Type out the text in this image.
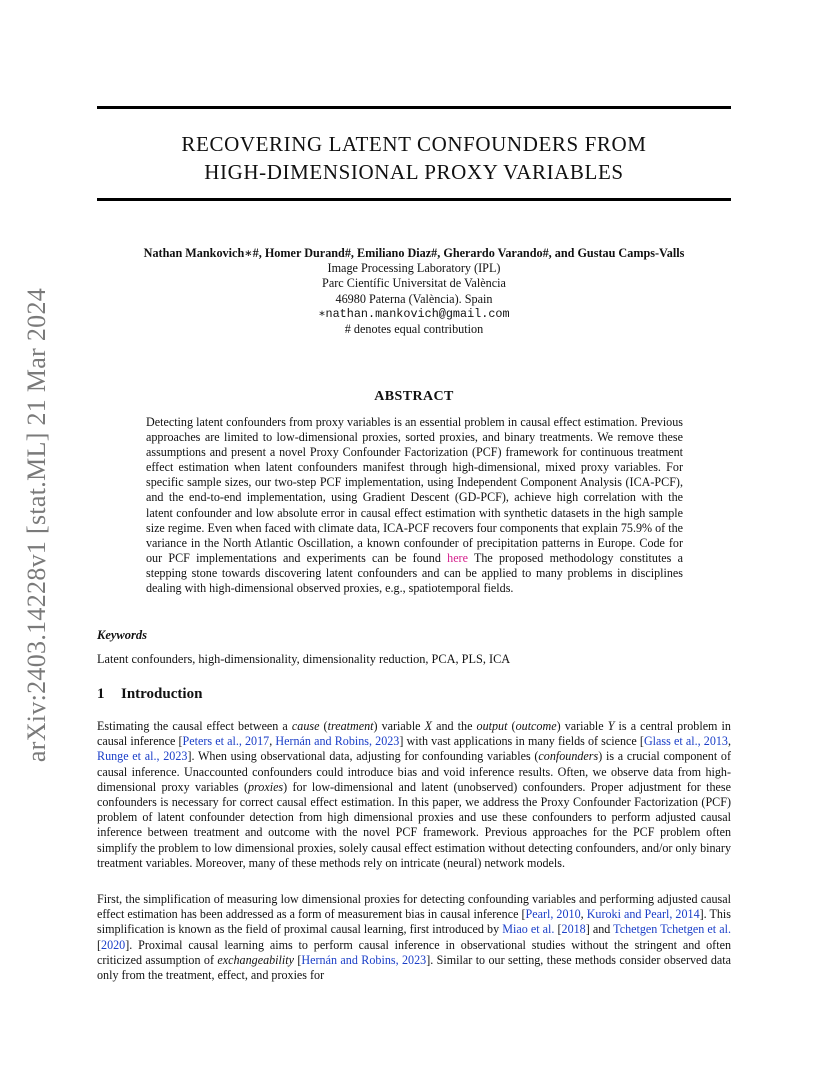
arXiv:2403.14228v1 [stat.ML] 21 Mar 2024
RECOVERING LATENT CONFOUNDERS FROM
HIGH-DIMENSIONAL PROXY VARIABLES
Nathan Mankovich∗#, Homer Durand#, Emiliano Diaz#, Gherardo Varando#, and Gustau Camps-Valls
Image Processing Laboratory (IPL)
Parc Científic Universitat de València
46980 Paterna (València). Spain
∗nathan.mankovich@gmail.com
# denotes equal contribution
ABSTRACT
Detecting latent confounders from proxy variables is an essential problem in causal effect estimation. Previous approaches are limited to low-dimensional proxies, sorted proxies, and binary treatments. We remove these assumptions and present a novel Proxy Confounder Factorization (PCF) framework for continuous treatment effect estimation when latent confounders manifest through high-dimensional, mixed proxy variables. For specific sample sizes, our two-step PCF implementation, using Independent Component Analysis (ICA-PCF), and the end-to-end implementation, using Gradient Descent (GD-PCF), achieve high correlation with the latent confounder and low absolute error in causal effect estimation with synthetic datasets in the high sample size regime. Even when faced with climate data, ICA-PCF recovers four components that explain 75.9% of the variance in the North Atlantic Oscillation, a known confounder of precipitation patterns in Europe. Code for our PCF implementations and experiments can be found here The proposed methodology constitutes a stepping stone towards discovering latent confounders and can be applied to many problems in disciplines dealing with high-dimensional observed proxies, e.g., spatiotemporal fields.
Keywords
Latent confounders, high-dimensionality, dimensionality reduction, PCA, PLS, ICA
1 Introduction
Estimating the causal effect between a cause (treatment) variable X and the output (outcome) variable Y is a central problem in causal inference [Peters et al., 2017, Hernán and Robins, 2023] with vast applications in many fields of science [Glass et al., 2013, Runge et al., 2023]. When using observational data, adjusting for confounding variables (confounders) is a crucial component of causal inference. Unaccounted confounders could introduce bias and void inference results. Often, we observe data from high-dimensional proxy variables (proxies) for low-dimensional and latent (unobserved) confounders. Proper adjustment for these confounders is necessary for correct causal effect estimation. In this paper, we address the Proxy Confounder Factorization (PCF) problem of latent confounder detection from high dimensional proxies and use these confounders to perform adjusted causal inference between treatment and outcome with the novel PCF framework. Previous approaches for the PCF problem often simplify the problem to low dimensional proxies, solely causal effect estimation without detecting confounders, and/or only binary treatment variables. Moreover, many of these methods rely on intricate (neural) network models.
First, the simplification of measuring low dimensional proxies for detecting confounding variables and performing adjusted causal effect estimation has been addressed as a form of measurement bias in causal inference [Pearl, 2010, Kuroki and Pearl, 2014]. This simplification is known as the field of proximal causal learning, first introduced by Miao et al. [2018] and Tchetgen Tchetgen et al. [2020]. Proximal causal learning aims to perform causal inference in observational studies without the stringent and often criticized assumption of exchangeability [Hernán and Robins, 2023]. Similar to our setting, these methods consider observed data only from the treatment, effect, and proxies for
